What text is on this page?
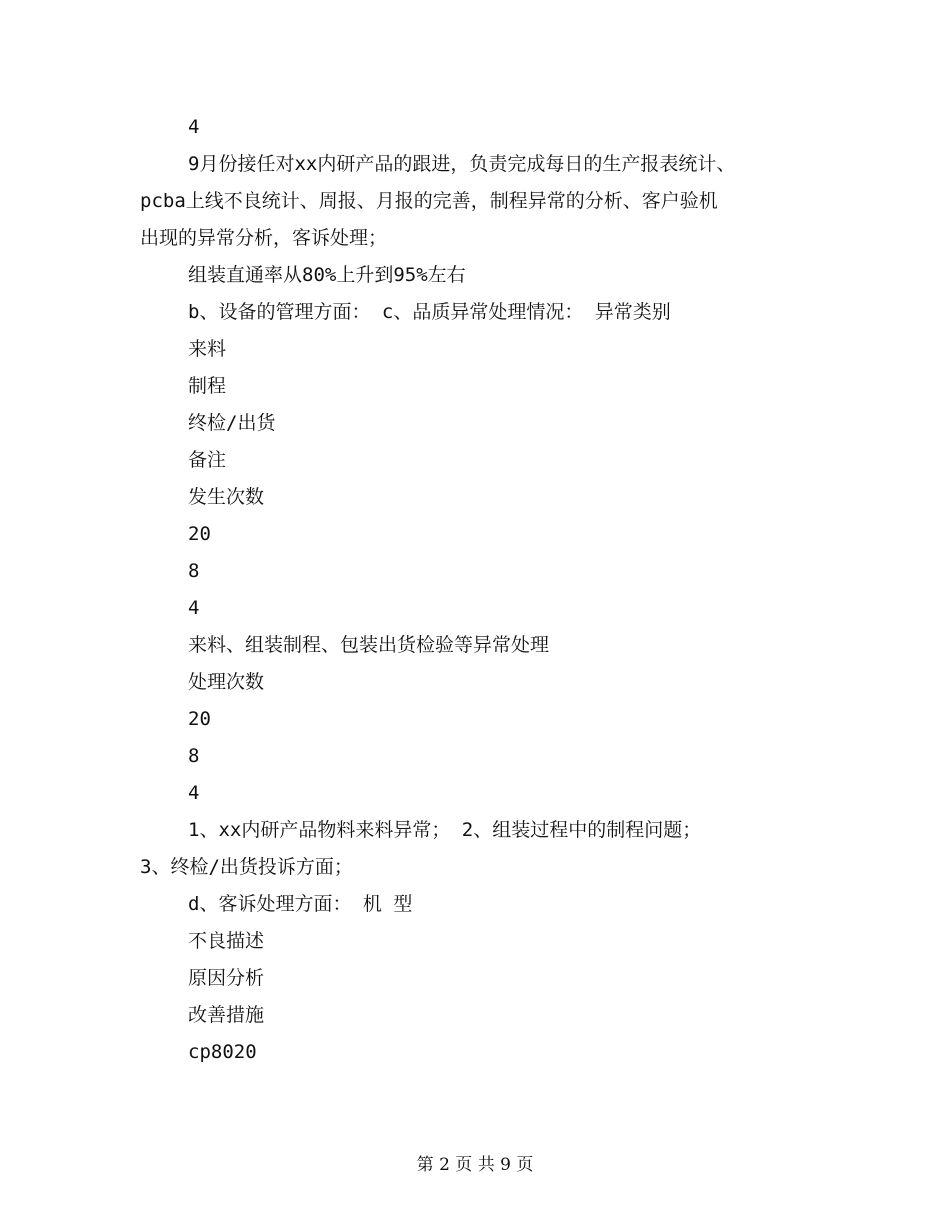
4
9月份接任对xx内研产品的跟进，负责完成每日的生产报表统计、
pcba上线不良统计、周报、月报的完善，制程异常的分析、客户验机
出现的异常分析，客诉处理；
组装直通率从80%上升到95%左右
b、设备的管理方面： c、品质异常处理情况： 异常类别
来料
制程
终检/出货
备注
发生次数
20
8
4
来料、组装制程、包装出货检验等异常处理
处理次数
20
8
4
1、xx内研产品物料来料异常； 2、组装过程中的制程问题；
3、终检/出货投诉方面；
d、客诉处理方面： 机 型
不良描述
原因分析
改善措施
cp8020
第 2 页 共 9 页
